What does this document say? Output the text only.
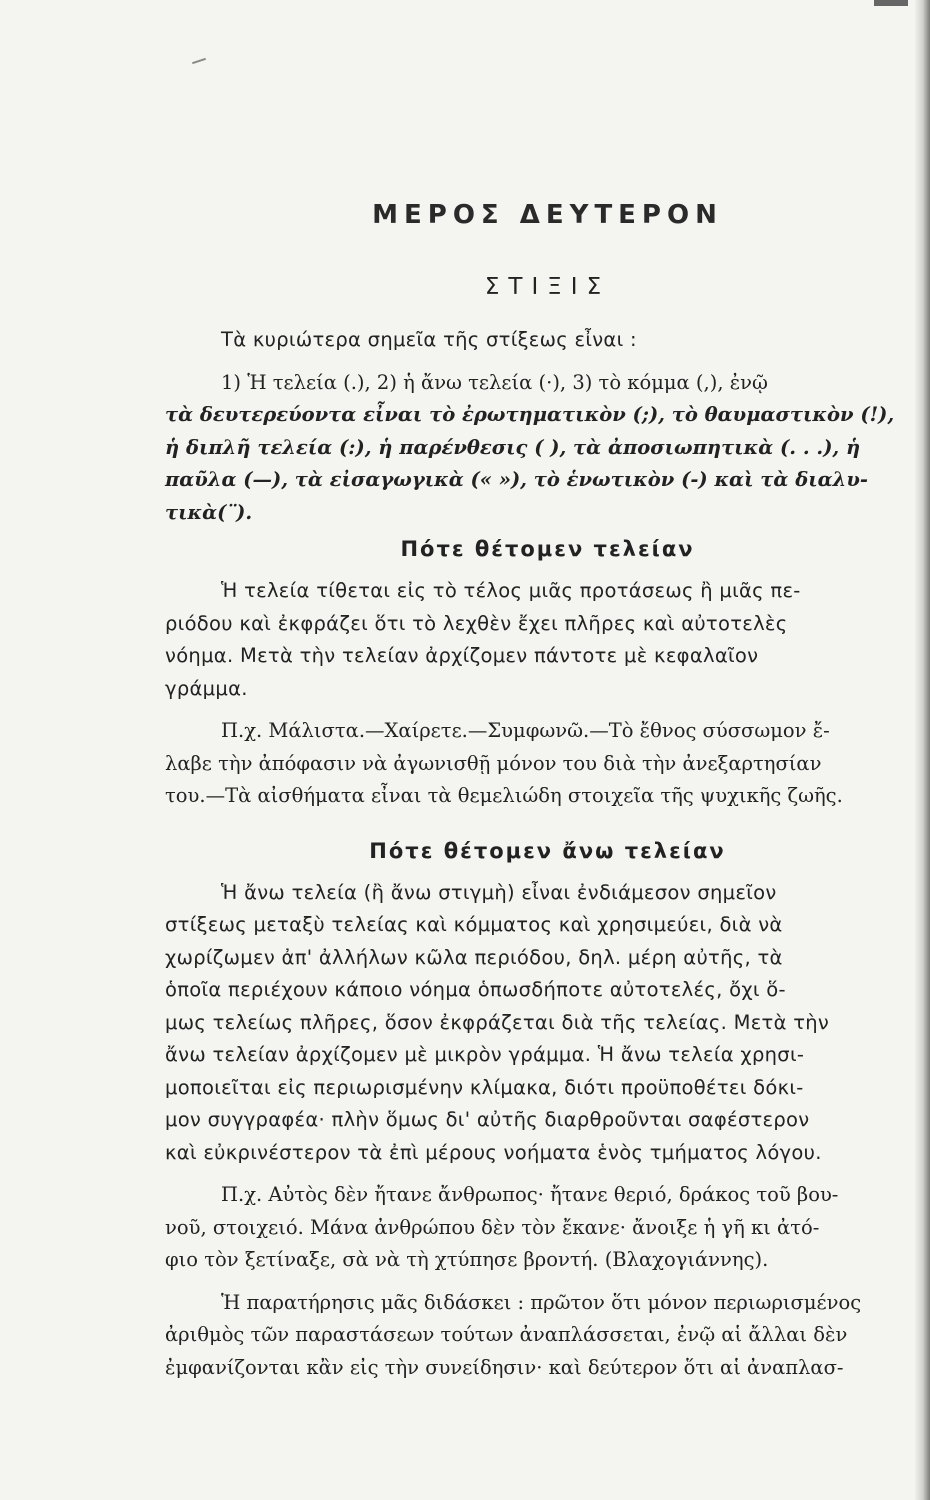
ΜΕΡΟΣ ΔΕΥΤΕΡΟΝ
ΣΤΙΞΙΣ

Τὰ κυριώτερα σημεῖα τῆς στίξεως εἶναι :

1) Ἡ τελεία (.), 2) ἡ ἄνω τελεία (·), 3) τὸ κόμμα (,), ἐνῷ
τὰ δευτερεύοντα εἶναι τὸ ἐρωτηματικὸν (;), τὸ θαυμαστικὸν (!),
ἡ διπλῆ τελεία (:), ἡ παρένθεσις ( ), τὰ ἀποσιωπητικὰ (. . .), ἡ
παῦλα (—), τὰ εἰσαγωγικὰ (« »), τὸ ἑνωτικὸν (-) καὶ τὰ διαλυ-
τικὰ(¨).

Πότε θέτομεν τελείαν

Ἡ τελεία τίθεται εἰς τὸ τέλος μιᾶς προτάσεως ἢ μιᾶς πε-
ριόδου καὶ ἐκφράζει ὅτι τὸ λεχθὲν ἔχει πλῆρες καὶ αὐτοτελὲς
νόημα. Μετὰ τὴν τελείαν ἀρχίζομεν πάντοτε μὲ κεφαλαῖον
γράμμα.

Π.χ. Μάλιστα.—Χαίρετε.—Συμφωνῶ.—Τὸ ἔθνος σύσσωμον ἔ-
λαβε τὴν ἀπόφασιν νὰ ἀγωνισθῇ μόνον του διὰ τὴν ἀνεξαρτησίαν
του.—Τὰ αἰσθήματα εἶναι τὰ θεμελιώδη στοιχεῖα τῆς ψυχικῆς ζωῆς.

Πότε θέτομεν ἄνω τελείαν

Ἡ ἄνω τελεία (ἢ ἄνω στιγμὴ) εἶναι ἐνδιάμεσον σημεῖον
στίξεως μεταξὺ τελείας καὶ κόμματος καὶ χρησιμεύει, διὰ νὰ
χωρίζωμεν ἀπ' ἀλλήλων κῶλα περιόδου, δηλ. μέρη αὐτῆς, τὰ
ὁποῖα περιέχουν κάποιο νόημα ὁπωσδήποτε αὐτοτελές, ὄχι ὅ-
μως τελείως πλῆρες, ὅσον ἐκφράζεται διὰ τῆς τελείας. Μετὰ τὴν
ἄνω τελείαν ἀρχίζομεν μὲ μικρὸν γράμμα. Ἡ ἄνω τελεία χρησι-
μοποιεῖται εἰς περιωρισμένην κλίμακα, διότι προϋποθέτει δόκι-
μον συγγραφέα· πλὴν ὅμως δι' αὐτῆς διαρθροῦνται σαφέστερον
καὶ εὐκρινέστερον τὰ ἐπὶ μέρους νοήματα ἑνὸς τμήματος λόγου.

Π.χ. Αὐτὸς δὲν ἤτανε ἄνθρωπος· ἤτανε θεριό, δράκος τοῦ βου-
νοῦ, στοιχειό. Μάνα ἀνθρώπου δὲν τὸν ἔκανε· ἄνοιξε ἡ γῆ κι ἀτό-
φιο τὸν ξετίναξε, σὰ νὰ τὴ χτύπησε βροντή. (Βλαχογιάννης).

Ἡ παρατήρησις μᾶς διδάσκει : πρῶτον ὅτι μόνον περιωρισμένος
ἀριθμὸς τῶν παραστάσεων τούτων ἀναπλάσσεται, ἐνῷ αἱ ἄλλαι δὲν
ἐμφανίζονται κἂν εἰς τὴν συνείδησιν· καὶ δεύτερον ὅτι αἱ ἀναπλασ-
